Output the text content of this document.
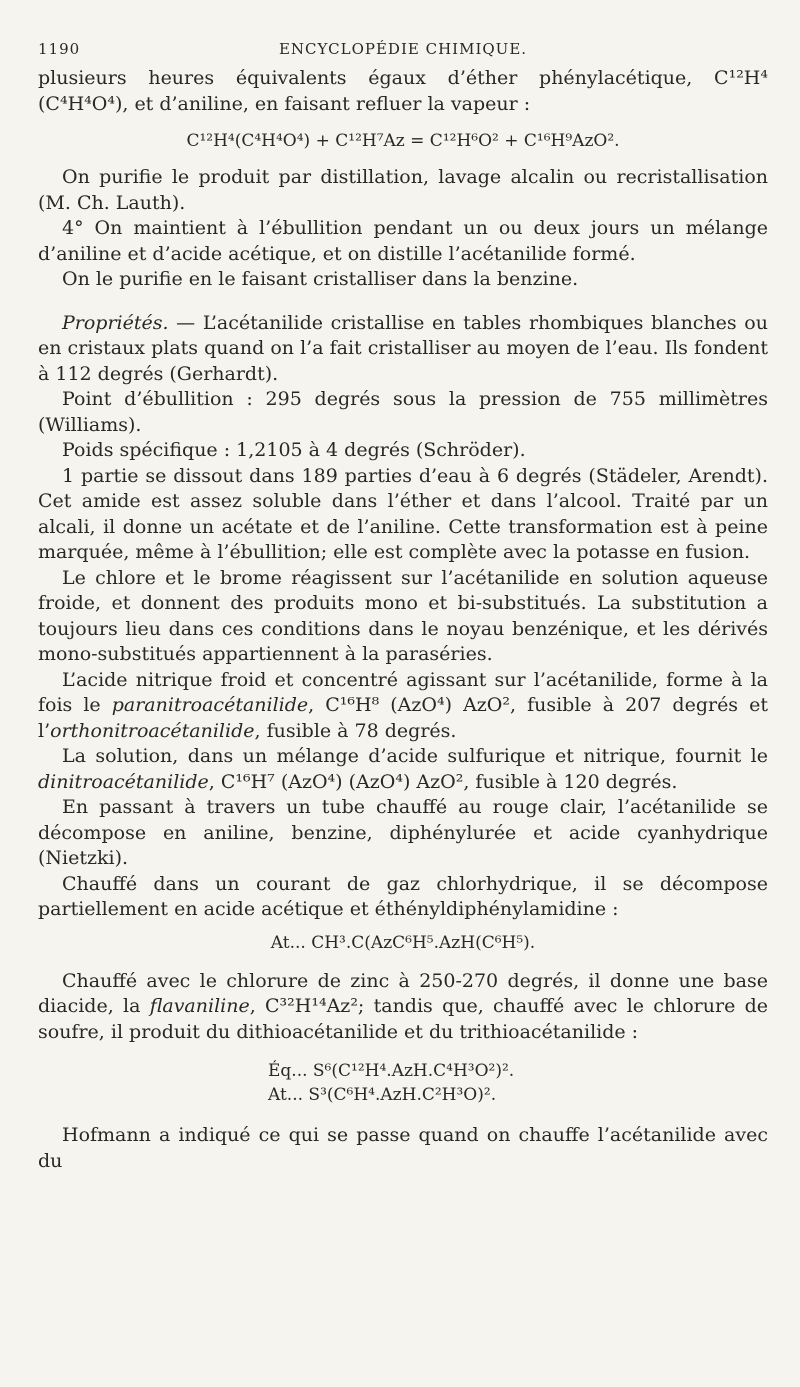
1190	ENCYCLOPÉDIE CHIMIQUE.

plusieurs heures équivalents égaux d’éther phénylacétique, C¹²H⁴ (C⁴H⁴O⁴), et d’aniline, en faisant refluer la vapeur :

C¹²H⁴(C⁴H⁴O⁴) + C¹²H⁷Az = C¹²H⁶O² + C¹⁶H⁹AzO².

On purifie le produit par distillation, lavage alcalin ou recristallisation (M. Ch. Lauth).

4° On maintient à l’ébullition pendant un ou deux jours un mélange d’aniline et d’acide acétique, et on distille l’acétanilide formé.

On le purifie en le faisant cristalliser dans la benzine.

Propriétés. — L’acétanilide cristallise en tables rhombiques blanches ou en cristaux plats quand on l’a fait cristalliser au moyen de l’eau. Ils fondent à 112 degrés (Gerhardt).

Point d’ébullition : 295 degrés sous la pression de 755 millimètres (Williams).

Poids spécifique : 1,2105 à 4 degrés (Schröder).

1 partie se dissout dans 189 parties d’eau à 6 degrés (Städeler, Arendt). Cet amide est assez soluble dans l’éther et dans l’alcool. Traité par un alcali, il donne un acétate et de l’aniline. Cette transformation est à peine marquée, même à l’ébullition; elle est complète avec la potasse en fusion.

Le chlore et le brome réagissent sur l’acétanilide en solution aqueuse froide, et donnent des produits mono et bi-substitués. La substitution a toujours lieu dans ces conditions dans le noyau benzénique, et les dérivés mono-substitués appartiennent à la paraséries.

L’acide nitrique froid et concentré agissant sur l’acétanilide, forme à la fois le paranitroacétanilide, C¹⁶H⁸ (AzO⁴) AzO², fusible à 207 degrés et l’orthonitroacétanilide, fusible à 78 degrés.

La solution, dans un mélange d’acide sulfurique et nitrique, fournit le dinitroacétanilide, C¹⁶H⁷ (AzO⁴) (AzO⁴) AzO², fusible à 120 degrés.

En passant à travers un tube chauffé au rouge clair, l’acétanilide se décompose en aniline, benzine, diphénylurée et acide cyanhydrique (Nietzki).

Chauffé dans un courant de gaz chlorhydrique, il se décompose partiellement en acide acétique et éthényldiphénylamidine :

At... CH³.C(AzC⁶H⁵.AzH(C⁶H⁵).

Chauffé avec le chlorure de zinc à 250-270 degrés, il donne une base diacide, la flavaniline, C³²H¹⁴Az²; tandis que, chauffé avec le chlorure de soufre, il produit du dithioacétanilide et du trithioacétanilide :

Éq... S⁶(C¹²H⁴.AzH.C⁴H³O²)².
At... S³(C⁶H⁴.AzH.C²H³O)².

Hofmann a indiqué ce qui se passe quand on chauffe l’acétanilide avec du
